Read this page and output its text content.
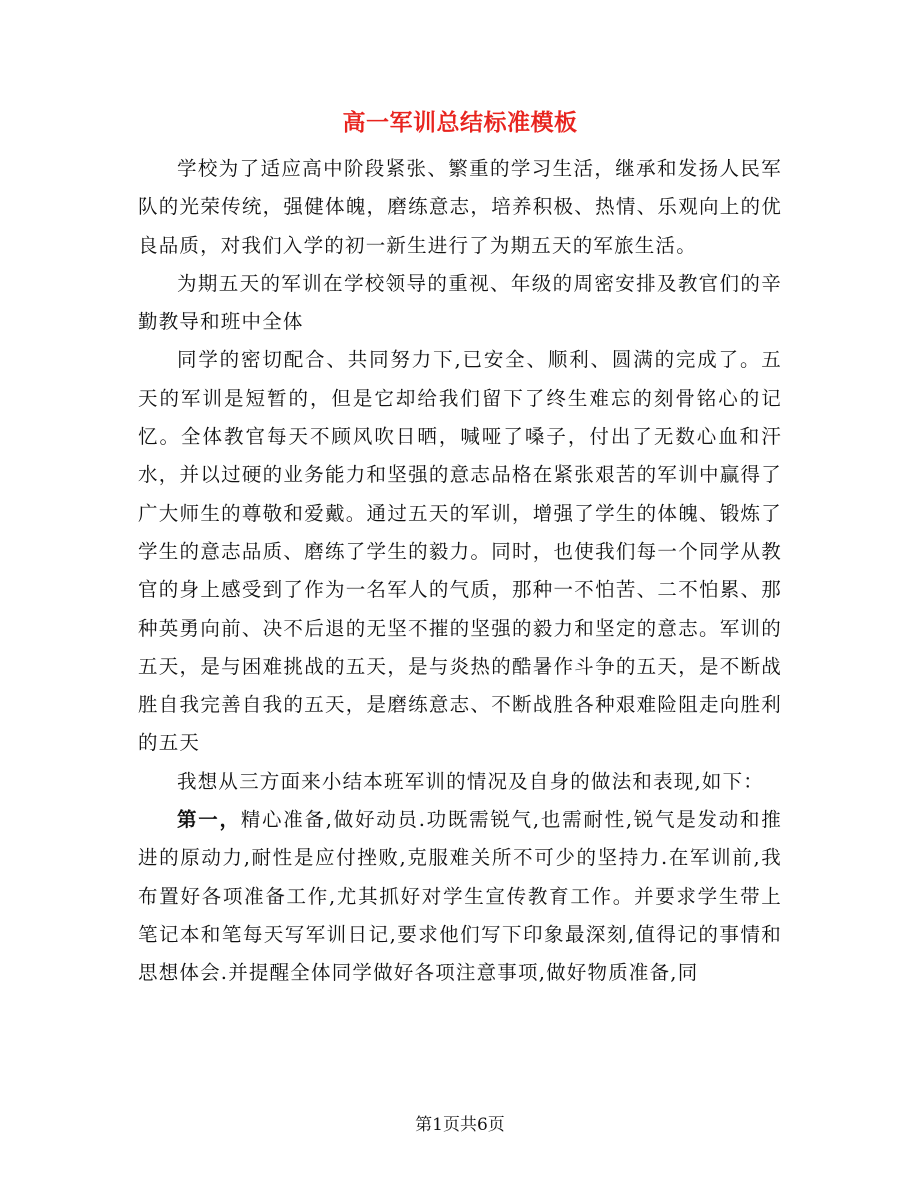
高一军训总结标准模板

学校为了适应高中阶段紧张、繁重的学习生活，继承和发扬人民军队的光荣传统，强健体魄，磨练意志，培养积极、热情、乐观向上的优良品质，对我们入学的初一新生进行了为期五天的军旅生活。

为期五天的军训在学校领导的重视、年级的周密安排及教官们的辛勤教导和班中全体

同学的密切配合、共同努力下,已安全、顺利、圆满的完成了。五天的军训是短暂的，但是它却给我们留下了终生难忘的刻骨铭心的记忆。全体教官每天不顾风吹日晒，喊哑了嗓子，付出了无数心血和汗水，并以过硬的业务能力和坚强的意志品格在紧张艰苦的军训中赢得了广大师生的尊敬和爱戴。通过五天的军训，增强了学生的体魄、锻炼了学生的意志品质、磨练了学生的毅力。同时，也使我们每一个同学从教官的身上感受到了作为一名军人的气质，那种一不怕苦、二不怕累、那种英勇向前、决不后退的无坚不摧的坚强的毅力和坚定的意志。军训的五天，是与困难挑战的五天，是与炎热的酷暑作斗争的五天，是不断战胜自我完善自我的五天，是磨练意志、不断战胜各种艰难险阻走向胜利的五天

我想从三方面来小结本班军训的情况及自身的做法和表现,如下：

第一，精心准备,做好动员.功既需锐气,也需耐性,锐气是发动和推进的原动力,耐性是应付挫败,克服难关所不可少的坚持力.在军训前,我布置好各项准备工作,尤其抓好对学生宣传教育工作。并要求学生带上笔记本和笔每天写军训日记,要求他们写下印象最深刻,值得记的事情和思想体会.并提醒全体同学做好各项注意事项,做好物质准备,同

第1页共6页
